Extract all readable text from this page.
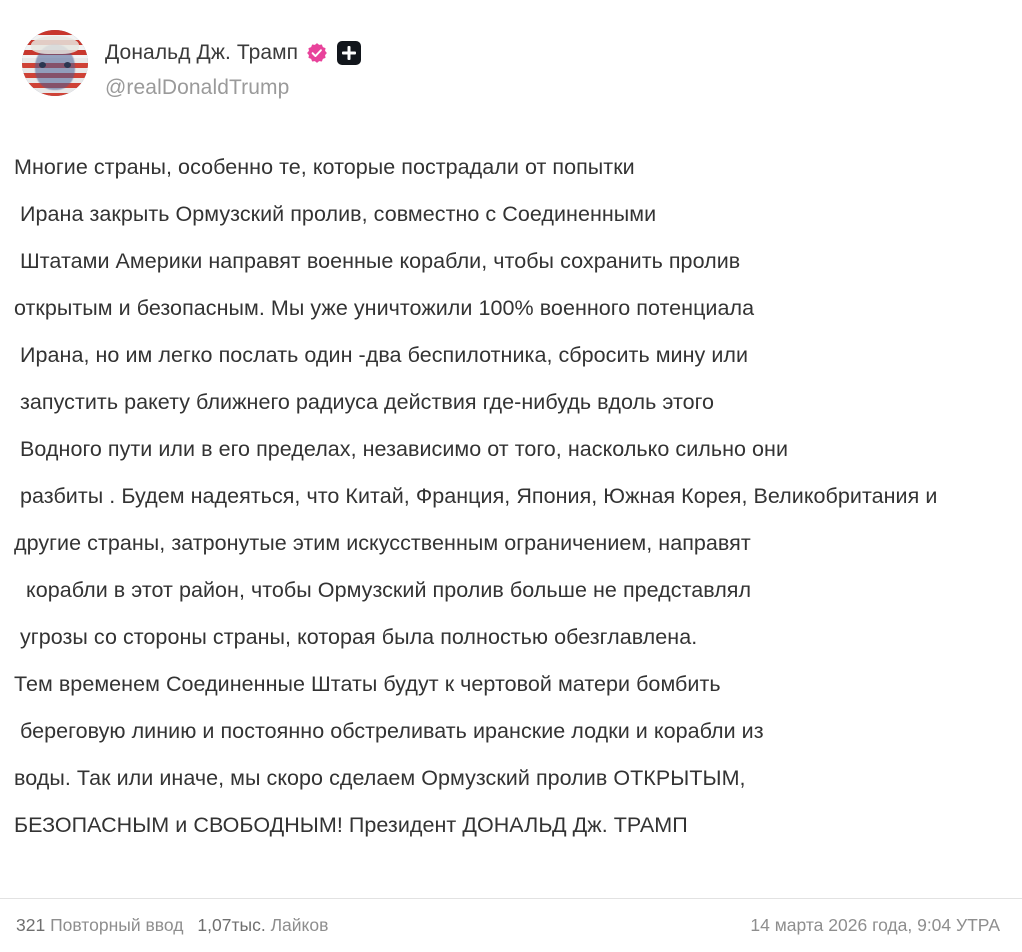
Дональд Дж. Трамп
@realDonaldTrump
Многие страны, особенно те, которые пострадали от попытки
Ирана закрыть Ормузский пролив, совместно с Соединенными
Штатами Америки направят военные корабли, чтобы сохранить пролив
открытым и безопасным. Мы уже уничтожили 100% военного потенциала
Ирана, но им легко послать один -два беспилотника, сбросить мину или
запустить ракету ближнего радиуса действия где-нибудь вдоль этого
Водного пути или в его пределах, независимо от того, насколько сильно они
разбиты . Будем надеяться, что Китай, Франция, Япония, Южная Корея, Великобритания и
другие страны, затронутые этим искусственным ограничением, направят
корабли в этот район, чтобы Ормузский пролив больше не представлял
угрозы со стороны страны, которая была полностью обезглавлена.
Тем временем Соединенные Штаты будут к чертовой матери бомбить
береговую линию и постоянно обстреливать иранские лодки и корабли из
воды. Так или иначе, мы скоро сделаем Ормузский пролив ОТКРЫТЫМ,
БЕЗОПАСНЫМ и СВОБОДНЫМ! Президент ДОНАЛЬД Дж. ТРАМП
321 Повторный ввод 1,07тыс. Лайков	14 марта 2026 года, 9:04 УТРА
